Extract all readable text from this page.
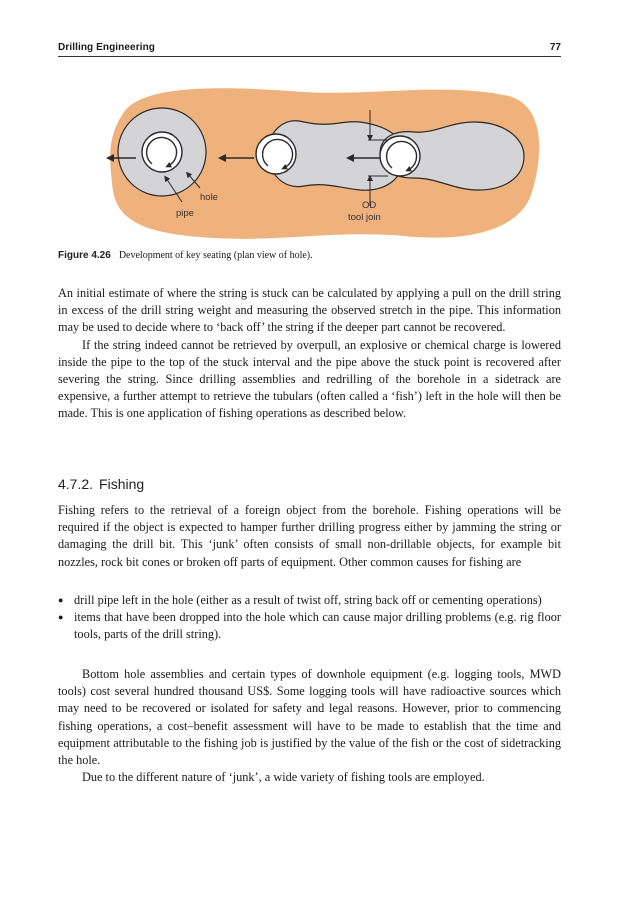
Drilling Engineering	77
hole
pipe
OD
tool join
Figure 4.26 Development of key seating (plan view of hole).

An initial estimate of where the string is stuck can be calculated by applying a pull on the drill string in excess of the drill string weight and measuring the observed stretch in the pipe. This information may be used to decide where to ‘back off’ the string if the deeper part cannot be recovered.

If the string indeed cannot be retrieved by overpull, an explosive or chemical charge is lowered inside the pipe to the top of the stuck interval and the pipe above the stuck point is recovered after severing the string. Since drilling assemblies and redrilling of the borehole in a sidetrack are expensive, a further attempt to retrieve the tubulars (often called a ‘fish’) left in the hole will then be made. This is one application of fishing operations as described below.

4.7.2. Fishing

Fishing refers to the retrieval of a foreign object from the borehole. Fishing operations will be required if the object is expected to hamper further drilling progress either by jamming the string or damaging the drill bit. This ‘junk’ often consists of small non-drillable objects, for example bit nozzles, rock bit cones or broken off parts of equipment. Other common causes for fishing are

● drill pipe left in the hole (either as a result of twist off, string back off or cementing operations)
● items that have been dropped into the hole which can cause major drilling problems (e.g. rig floor tools, parts of the drill string).

Bottom hole assemblies and certain types of downhole equipment (e.g. logging tools, MWD tools) cost several hundred thousand US$. Some logging tools will have radioactive sources which may need to be recovered or isolated for safety and legal reasons. However, prior to commencing fishing operations, a cost–benefit assessment will have to be made to establish that the time and equipment attributable to the fishing job is justified by the value of the fish or the cost of sidetracking the hole.

Due to the different nature of ‘junk’, a wide variety of fishing tools are employed.
